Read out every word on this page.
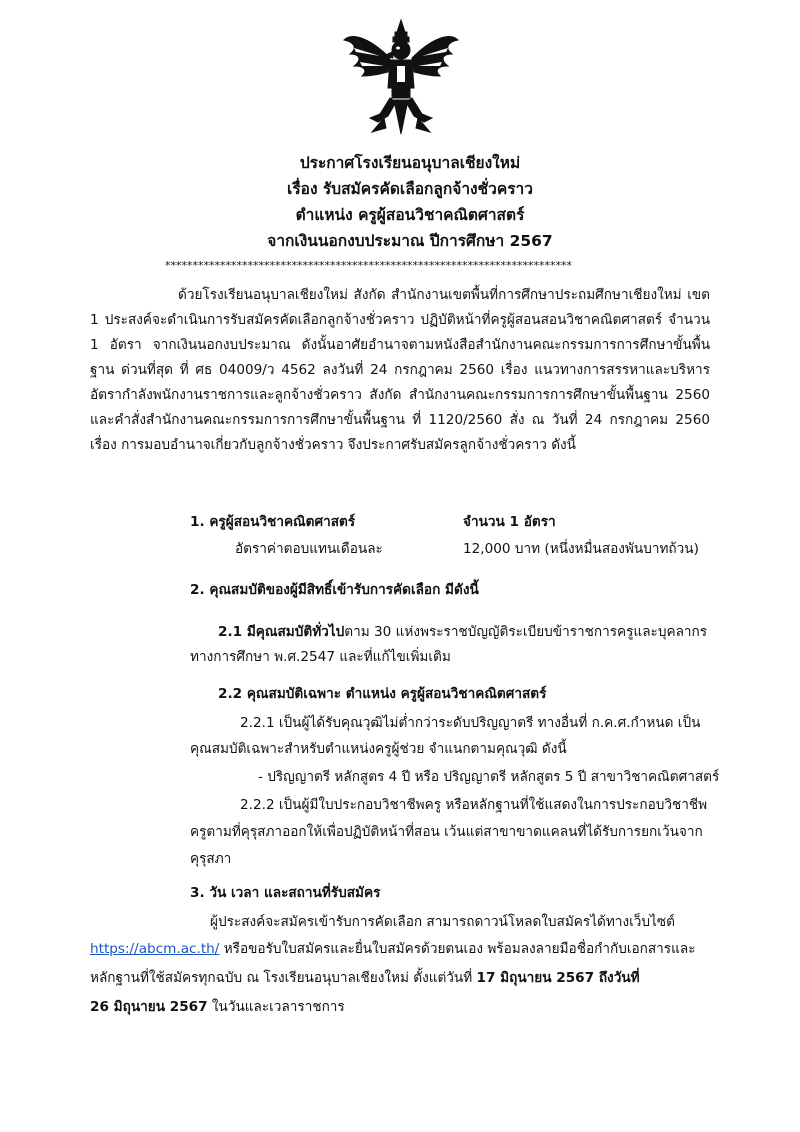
ประกาศโรงเรียนอนุบาลเชียงใหม่
เรื่อง รับสมัครคัดเลือกลูกจ้างชั่วคราว
ตำแหน่ง ครูผู้สอนวิชาคณิตศาสตร์
จากเงินนอกงบประมาณ ปีการศึกษา 2567
**************************************************************************
ด้วยโรงเรียนอนุบาลเชียงใหม่ สังกัด สำนักงานเขตพื้นที่การศึกษาประถมศึกษาเชียงใหม่ เขต 1 ประสงค์จะดำเนินการรับสมัครคัดเลือกลูกจ้างชั่วคราว ปฏิบัติหน้าที่ครูผู้สอนสอนวิชาคณิตศาสตร์ จำนวน 1 อัตรา จากเงินนอกงบประมาณ ดังนั้นอาศัยอำนาจตามหนังสือสำนักงานคณะกรรมการการศึกษาขั้นพื้นฐาน ด่วนที่สุด ที่ ศธ 04009/ว 4562 ลงวันที่ 24 กรกฎาคม 2560 เรื่อง แนวทางการสรรหาและบริหารอัตรากำลังพนักงานราชการและลูกจ้างชั่วคราว สังกัด สำนักงานคณะกรรมการการศึกษาขั้นพื้นฐาน 2560 และคำสั่งสำนักงานคณะกรรมการการศึกษาขั้นพื้นฐาน ที่ 1120/2560 สั่ง ณ วันที่ 24 กรกฎาคม 2560 เรื่อง การมอบอำนาจเกี่ยวกับลูกจ้างชั่วคราว จึงประกาศรับสมัครลูกจ้างชั่วคราว ดังนี้
1. ครูผู้สอนวิชาคณิตศาสตร์	จำนวน 1 อัตรา
อัตราค่าตอบแทนเดือนละ	12,000 บาท (หนึ่งหมื่นสองพันบาทถ้วน)
2. คุณสมบัติของผู้มีสิทธิ์เข้ารับการคัดเลือก มีดังนี้
2.1 มีคุณสมบัติทั่วไปตาม 30 แห่งพระราชบัญญัติระเบียบข้าราชการครูและบุคลากร
ทางการศึกษา พ.ศ.2547 และที่แก้ไขเพิ่มเติม
2.2 คุณสมบัติเฉพาะ ตำแหน่ง ครูผู้สอนวิชาคณิตศาสตร์
2.2.1 เป็นผู้ได้รับคุณวุฒิไม่ต่ำกว่าระดับปริญญาตรี ทางอื่นที่ ก.ค.ศ.กำหนด เป็น
คุณสมบัติเฉพาะสำหรับตำแหน่งครูผู้ช่วย จำแนกตามคุณวุฒิ ดังนี้
- ปริญญาตรี หลักสูตร 4 ปี หรือ ปริญญาตรี หลักสูตร 5 ปี สาขาวิชาคณิตศาสตร์
2.2.2 เป็นผู้มีใบประกอบวิชาชีพครู หรือหลักฐานที่ใช้แสดงในการประกอบวิชาชีพ
ครูตามที่คุรุสภาออกให้เพื่อปฏิบัติหน้าที่สอน เว้นแต่สาขาขาดแคลนที่ได้รับการยกเว้นจาก
คุรุสภา
3. วัน เวลา และสถานที่รับสมัคร
ผู้ประสงค์จะสมัครเข้ารับการคัดเลือก สามารถดาวน์โหลดใบสมัครได้ทางเว็บไซต์
https://abcm.ac.th/ หรือขอรับใบสมัครและยื่นใบสมัครด้วยตนเอง พร้อมลงลายมือชื่อกำกับเอกสารและ
หลักฐานที่ใช้สมัครทุกฉบับ ณ โรงเรียนอนุบาลเชียงใหม่ ตั้งแต่วันที่ 17 มิถุนายน 2567 ถึงวันที่
26 มิถุนายน 2567 ในวันและเวลาราชการ
